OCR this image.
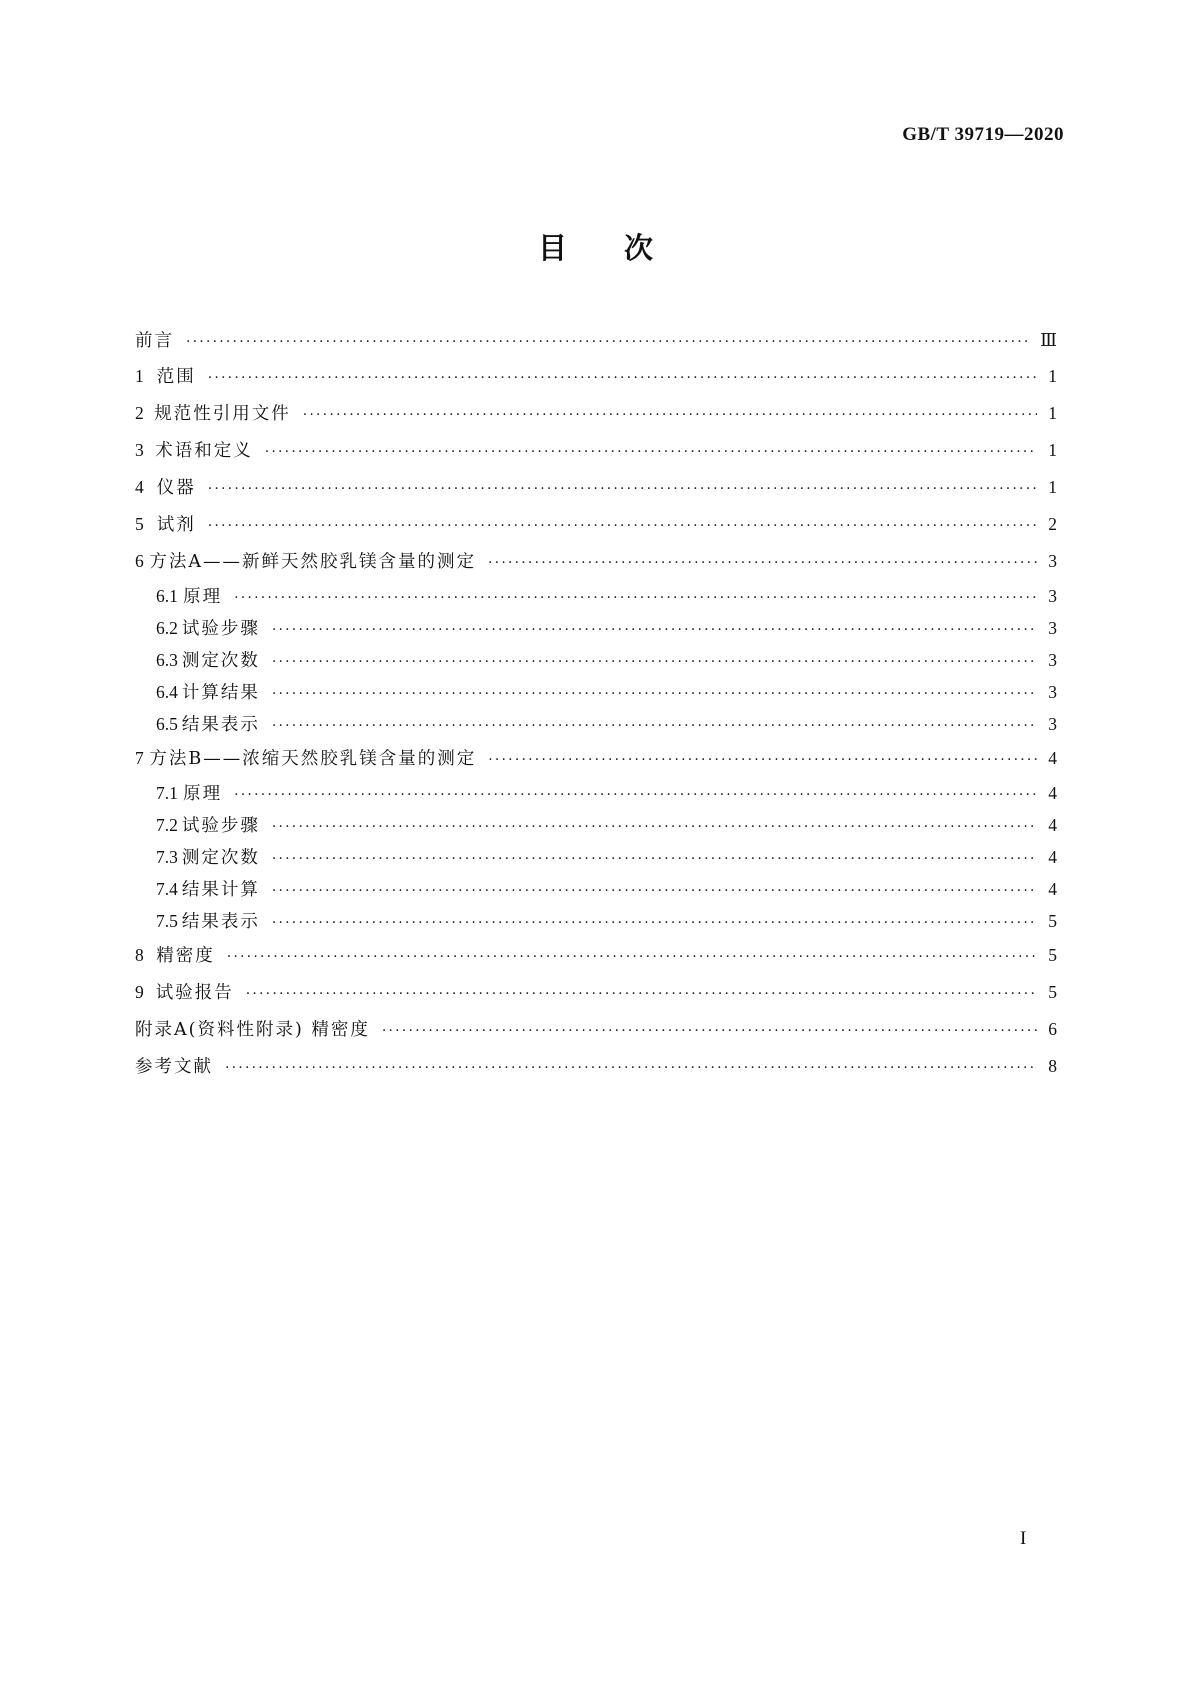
GB/T 39719—2020
目次
前言 ·····	Ⅲ
1 范围 ·····	1
2 规范性引用文件 ·····	1
3 术语和定义 ·····	1
4 仪器 ·····	1
5 试剂 ·····	2
6 方法A——新鲜天然胶乳镁含量的测定 ·····	3
6.1 原理 ·····	3
6.2 试验步骤 ·····	3
6.3 测定次数 ·····	3
6.4 计算结果 ·····	3
6.5 结果表示 ·····	3
7 方法B——浓缩天然胶乳镁含量的测定 ·····	4
7.1 原理 ·····	4
7.2 试验步骤 ·····	4
7.3 测定次数 ·····	4
7.4 结果计算 ·····	4
7.5 结果表示 ·····	5
8 精密度 ·····	5
9 试验报告 ·····	5
附录A(资料性附录) 精密度 ·····	6
参考文献 ·····	8
I
